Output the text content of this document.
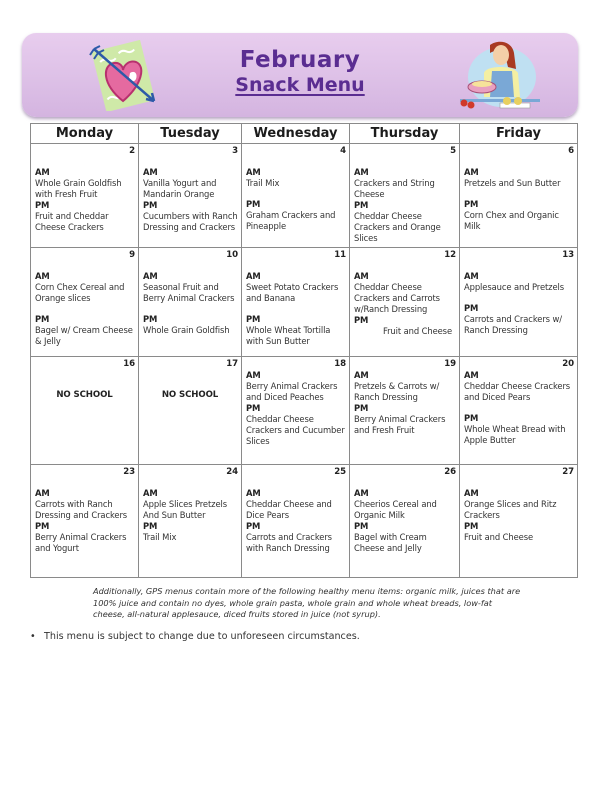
February
Snack Menu
Monday	Tuesday	Wednesday	Thursday	Friday

2
AM
Whole Grain Goldfish with Fresh Fruit
PM
Fruit and Cheddar Cheese Crackers	3
AM
Vanilla Yogurt and Mandarin Orange
PM
Cucumbers with Ranch Dressing and Crackers	4
AM
Trail Mix
PM
Graham Crackers and Pineapple	5
AM
Crackers and String Cheese
PM
Cheddar Cheese Crackers and Orange Slices	6
AM
Pretzels and Sun Butter
PM
Corn Chex and Organic Milk

9
AM
Corn Chex Cereal and Orange slices
PM
Bagel w/ Cream Cheese & Jelly	10
AM
Seasonal Fruit and Berry Animal Crackers
PM
Whole Grain Goldfish	11
AM
Sweet Potato Crackers and Banana
PM
Whole Wheat Tortilla with Sun Butter	12
AM
Cheddar Cheese Crackers and Carrots w/Ranch Dressing
PM
Fruit and Cheese	13
AM
Applesauce and Pretzels
PM
Carrots and Crackers w/ Ranch Dressing

16
NO SCHOOL	17
NO SCHOOL	18
AM
Berry Animal Crackers and Diced Peaches
PM
Cheddar Cheese Crackers and Cucumber Slices	19
AM
Pretzels & Carrots w/ Ranch Dressing
PM
Berry Animal Crackers and Fresh Fruit	20
AM
Cheddar Cheese Crackers and Diced Pears
PM
Whole Wheat Bread with Apple Butter

23
AM
Carrots with Ranch Dressing and Crackers
PM
Berry Animal Crackers and Yogurt	24
AM
Apple Slices Pretzels And Sun Butter
PM
Trail Mix	25
AM
Cheddar Cheese and Dice Pears
PM
Carrots and Crackers with Ranch Dressing	26
AM
Cheerios Cereal and Organic Milk
PM
Bagel with Cream Cheese and Jelly	27
AM
Orange Slices and Ritz Crackers
PM
Fruit and Cheese
Additionally, GPS menus contain more of the following healthy menu items: organic milk, juices that are 100% juice and contain no dyes, whole grain pasta, whole grain and whole wheat breads, low-fat cheese, all-natural applesauce, diced fruits stored in juice (not syrup).
• This menu is subject to change due to unforeseen circumstances.
